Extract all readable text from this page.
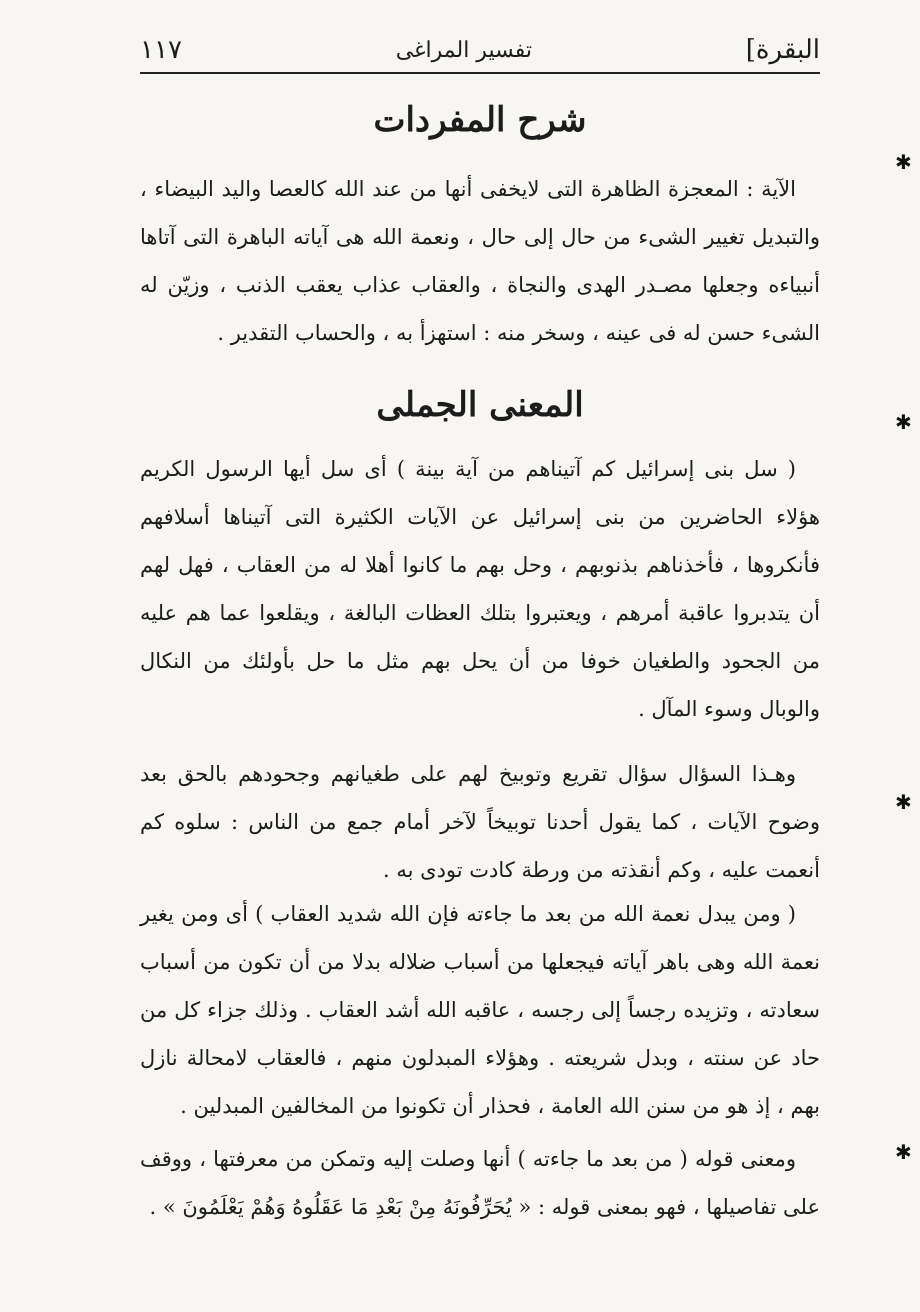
البقرة]
تفسير المراغى
١١٧
شرح المفردات

الآية : المعجزة الظاهرة التى لايخفى أنها من عند الله كالعصا واليد البيضاء ، والتبديل تغيير الشىء من حال إلى حال ، ونعمة الله هى آياته الباهرة التى آتاها أنبياءه وجعلها مصـدر الهدى والنجاة ، والعقاب عذاب يعقب الذنب ، وزيّن له الشىء حسن له فى عينه ، وسخر منه : استهزأ به ، والحساب التقدير .

المعنى الجملى

( سل بنى إسرائيل كم آتيناهم من آية بينة ) أى سل أيها الرسول الكريم هؤلاء الحاضرين من بنى إسرائيل عن الآيات الكثيرة التى آتيناها أسلافهم فأنكروها ، فأخذناهم بذنوبهم ، وحل بهم ما كانوا أهلا له من العقاب ، فهل لهم أن يتدبروا عاقبة أمرهم ، ويعتبروا بتلك العظات البالغة ، ويقلعوا عما هم عليه من الجحود والطغيان خوفا من أن يحل بهم مثل ما حل بأولئك من النكال والوبال وسوء المآل .

وهـذا السؤال سؤال تقريع وتوبيخ لهم على طغيانهم وجحودهم بالحق بعد وضوح الآيات ، كما يقول أحدنا توبيخاً لآخر أمام جمع من الناس : سلوه كم أنعمت عليه ، وكم أنقذته من ورطة كادت تودى به .

( ومن يبدل نعمة الله من بعد ما جاءته فإن الله شديد العقاب ) أى ومن يغير نعمة الله وهى باهر آياته فيجعلها من أسباب ضلاله بدلا من أن تكون من أسباب سعادته ، وتزيده رجساً إلى رجسه ، عاقبه الله أشد العقاب . وذلك جزاء كل من حاد عن سنته ، وبدل شريعته . وهؤلاء المبدلون منهم ، فالعقاب لامحالة نازل بهم ، إذ هو من سنن الله العامة ، فحذار أن تكونوا من المخالفين المبدلين .

ومعنى قوله ( من بعد ما جاءته ) أنها وصلت إليه وتمكن من معرفتها ، ووقف على تفاصيلها ، فهو بمعنى قوله : « يُحَرِّفُونَهُ مِنْ بَعْدِ مَا عَقَلُوهُ وَهُمْ يَعْلَمُونَ » .

✱
✱
✱
✱
